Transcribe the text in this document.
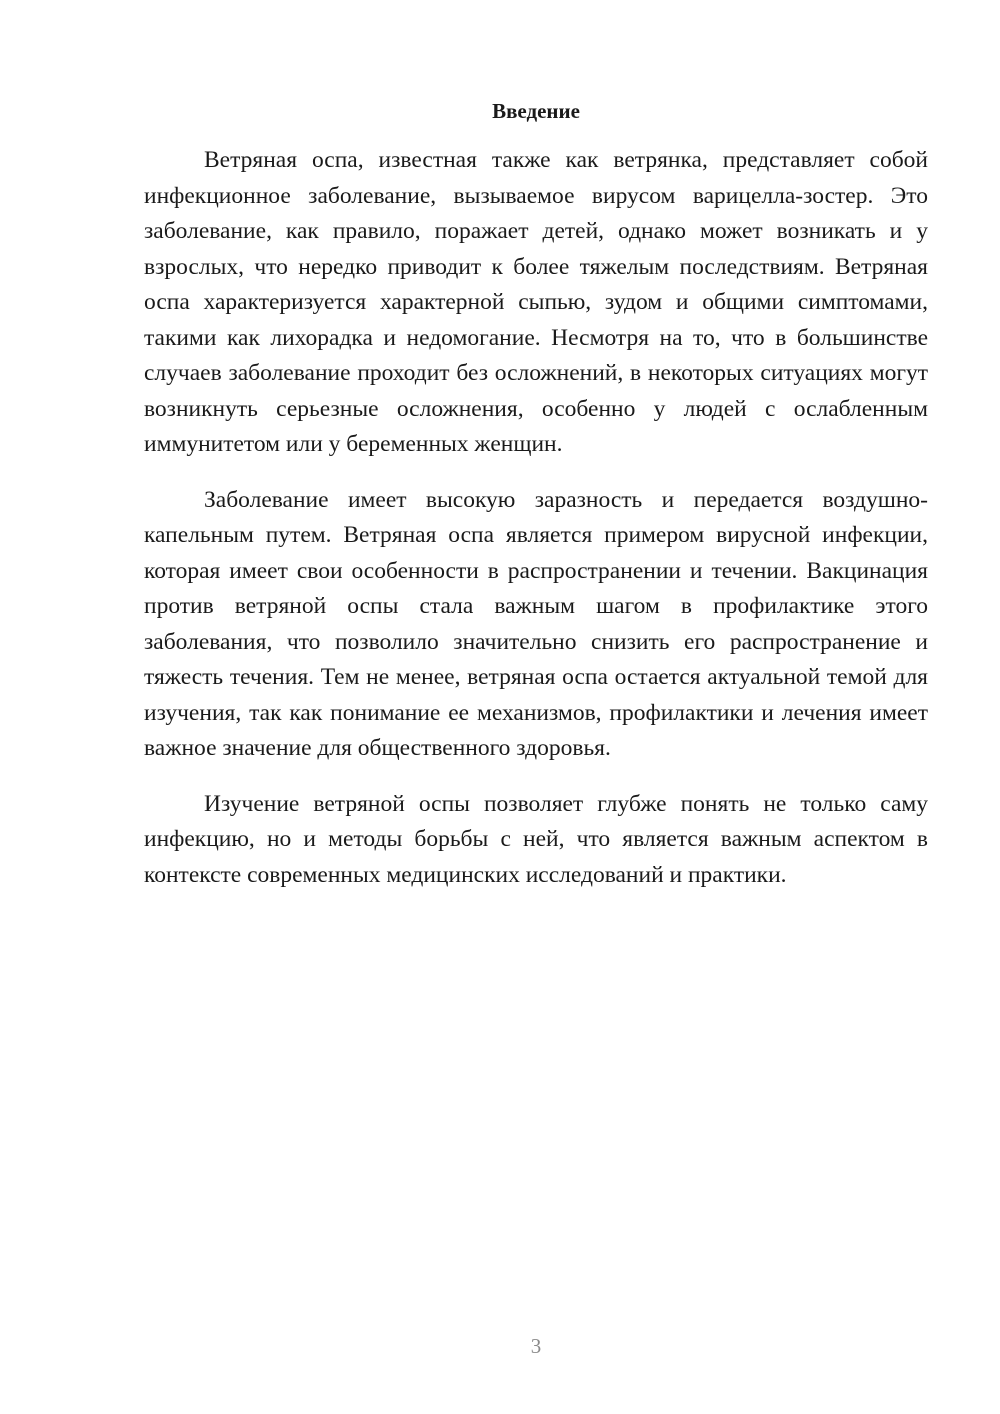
Введение

Ветряная оспа, известная также как ветрянка, представляет собой инфекционное заболевание, вызываемое вирусом варицелла-зостер. Это заболевание, как правило, поражает детей, однако может возникать и у взрослых, что нередко приводит к более тяжелым последствиям. Ветряная оспа характеризуется характерной сыпью, зудом и общими симптомами, такими как лихорадка и недомогание. Несмотря на то, что в большинстве случаев заболевание проходит без осложнений, в некоторых ситуациях могут возникнуть серьезные осложнения, особенно у людей с ослабленным иммунитетом или у беременных женщин.

Заболевание имеет высокую заразность и передается воздушно-капельным путем. Ветряная оспа является примером вирусной инфекции, которая имеет свои особенности в распространении и течении. Вакцинация против ветряной оспы стала важным шагом в профилактике этого заболевания, что позволило значительно снизить его распространение и тяжесть течения. Тем не менее, ветряная оспа остается актуальной темой для изучения, так как понимание ее механизмов, профилактики и лечения имеет важное значение для общественного здоровья.

Изучение ветряной оспы позволяет глубже понять не только саму инфекцию, но и методы борьбы с ней, что является важным аспектом в контексте современных медицинских исследований и практики.

3
